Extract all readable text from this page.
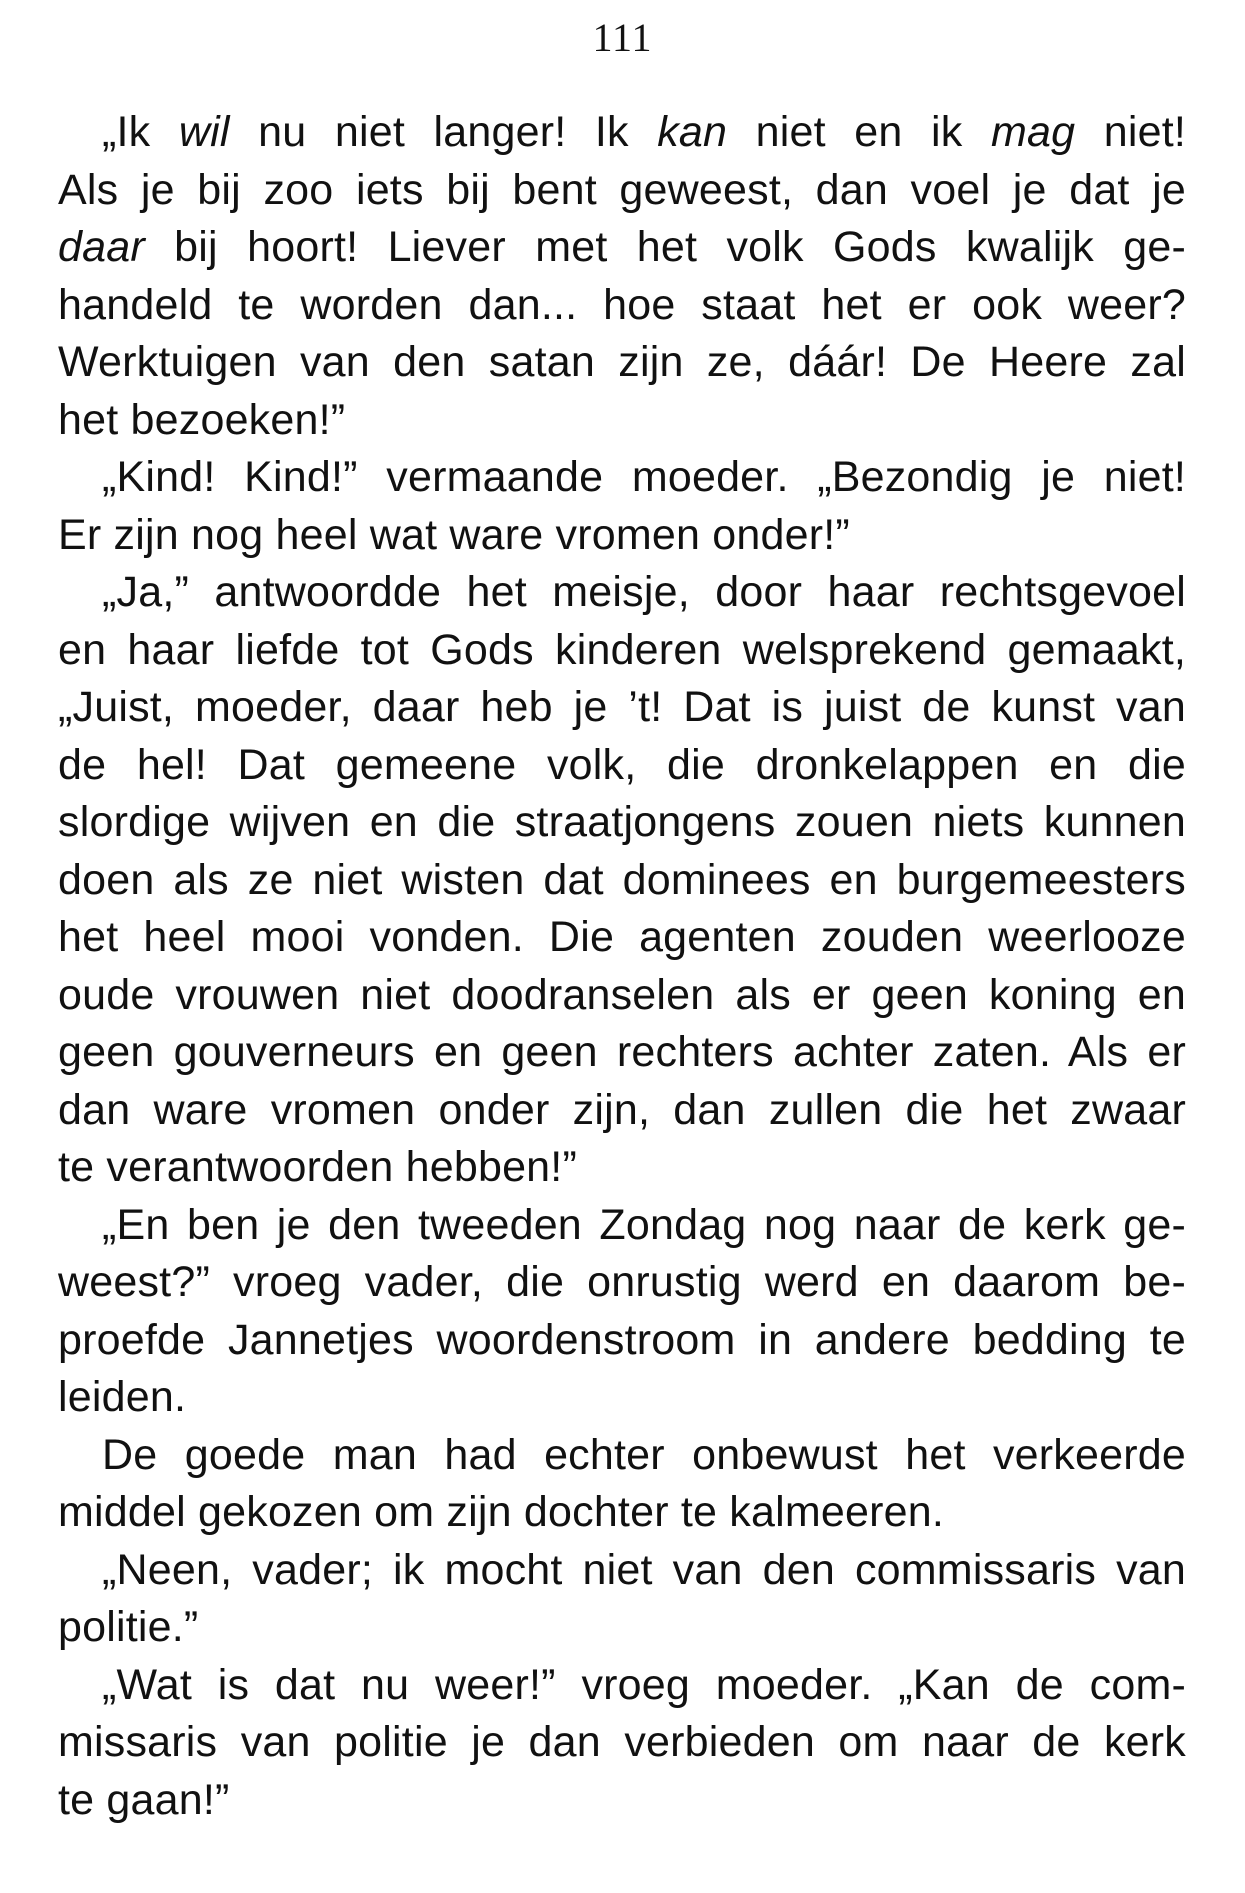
111
„Ik wil nu niet langer! Ik kan niet en ik mag niet!
Als je bij zoo iets bij bent geweest, dan voel je dat je
daar bij hoort! Liever met het volk Gods kwalijk ge-
handeld te worden dan... hoe staat het er ook weer?
Werktuigen van den satan zijn ze, dáár! De Heere zal
het bezoeken!”
„Kind! Kind!” vermaande moeder. „Bezondig je niet!
Er zijn nog heel wat ware vromen onder!”
„Ja,” antwoordde het meisje, door haar rechtsgevoel
en haar liefde tot Gods kinderen welsprekend gemaakt,
„Juist, moeder, daar heb je ’t! Dat is juist de kunst van
de hel! Dat gemeene volk, die dronkelappen en die
slordige wijven en die straatjongens zouen niets kunnen
doen als ze niet wisten dat dominees en burgemeesters
het heel mooi vonden. Die agenten zouden weerlooze
oude vrouwen niet doodranselen als er geen koning en
geen gouverneurs en geen rechters achter zaten. Als er
dan ware vromen onder zijn, dan zullen die het zwaar
te verantwoorden hebben!”
„En ben je den tweeden Zondag nog naar de kerk ge-
weest?” vroeg vader, die onrustig werd en daarom be-
proefde Jannetjes woordenstroom in andere bedding te
leiden.
De goede man had echter onbewust het verkeerde
middel gekozen om zijn dochter te kalmeeren.
„Neen, vader; ik mocht niet van den commissaris van
politie.”
„Wat is dat nu weer!” vroeg moeder. „Kan de com-
missaris van politie je dan verbieden om naar de kerk
te gaan!”
